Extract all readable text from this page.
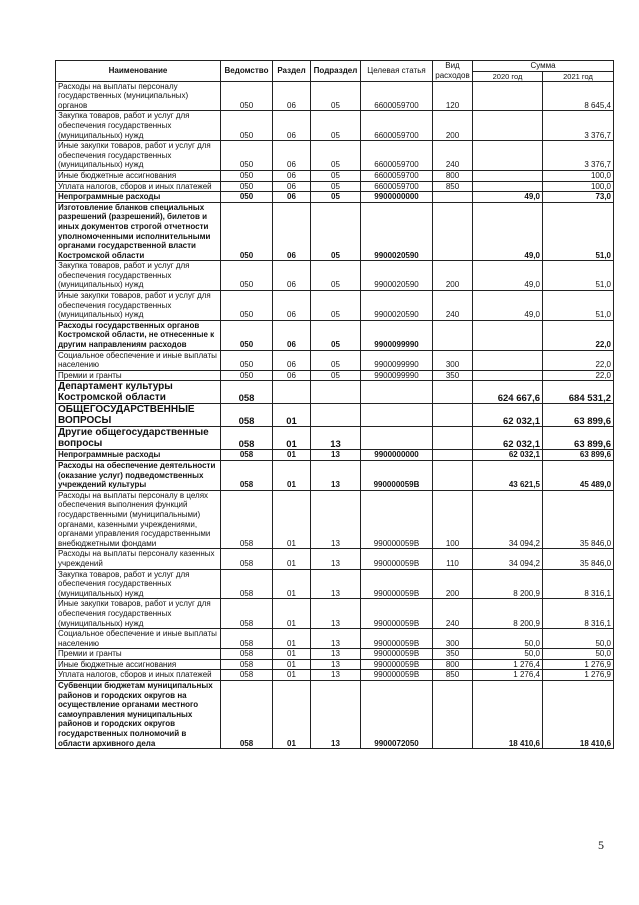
Наименование	Ведомство	Раздел	Подраздел	Целевая статья	Вид расходов	Сумма	
						2020 год	2021 год
Расходы на выплаты персоналу государственных (муниципальных) органов	050	06	05	6600059700	120		8 645,4
Закупка товаров, работ и услуг для обеспечения государственных (муниципальных) нужд	050	06	05	6600059700	200		3 376,7
Иные закупки товаров, работ и услуг для обеспечения государственных (муниципальных) нужд	050	06	05	6600059700	240		3 376,7
Иные бюджетные ассигнования	050	06	05	6600059700	800		100,0
Уплата налогов, сборов и иных платежей	050	06	05	6600059700	850		100,0
Непрограммные расходы	050	06	05	9900000000		49,0	73,0
Изготовление бланков специальных разрешений (разрешений), билетов и иных документов строгой отчетности уполномоченными исполнительными органами государственной власти Костромской области	050	06	05	9900020590		49,0	51,0
Закупка товаров, работ и услуг для обеспечения государственных (муниципальных) нужд	050	06	05	9900020590	200	49,0	51,0
Иные закупки товаров, работ и услуг для обеспечения государственных (муниципальных) нужд	050	06	05	9900020590	240	49,0	51,0
Расходы государственных органов Костромской области, не отнесенные к другим направлениям расходов	050	06	05	9900099990			22,0
Социальное обеспечение и иные выплаты населению	050	06	05	9900099990	300		22,0
Премии и гранты	050	06	05	9900099990	350		22,0
Департамент культуры Костромской области	058					624 667,6	684 531,2
ОБЩЕГОСУДАРСТВЕННЫЕ ВОПРОСЫ	058	01				62 032,1	63 899,6
Другие общегосударственные вопросы	058	01	13			62 032,1	63 899,6
Непрограммные расходы	058	01	13	9900000000		62 032,1	63 899,6
Расходы на обеспечение деятельности (оказание услуг) подведомственных учреждений культуры	058	01	13	990000059В		43 621,5	45 489,0
Расходы на выплаты персоналу в целях обеспечения выполнения функций государственными (муниципальными) органами, казенными учреждениями, органами управления государственными внебюджетными фондами	058	01	13	990000059В	100	34 094,2	35 846,0
Расходы на выплаты персоналу казенных учреждений	058	01	13	990000059В	110	34 094,2	35 846,0
Закупка товаров, работ и услуг для обеспечения государственных (муниципальных) нужд	058	01	13	990000059В	200	8 200,9	8 316,1
Иные закупки товаров, работ и услуг для обеспечения государственных (муниципальных) нужд	058	01	13	990000059В	240	8 200,9	8 316,1
Социальное обеспечение и иные выплаты населению	058	01	13	990000059В	300	50,0	50,0
Премии и гранты	058	01	13	990000059В	350	50,0	50,0
Иные бюджетные ассигнования	058	01	13	990000059В	800	1 276,4	1 276,9
Уплата налогов, сборов и иных платежей	058	01	13	990000059В	850	1 276,4	1 276,9
Субвенции бюджетам муниципальных районов и городских округов на осуществление органами местного самоуправления муниципальных районов и городских округов государственных полномочий в области архивного дела	058	01	13	9900072050		18 410,6	18 410,6
5
